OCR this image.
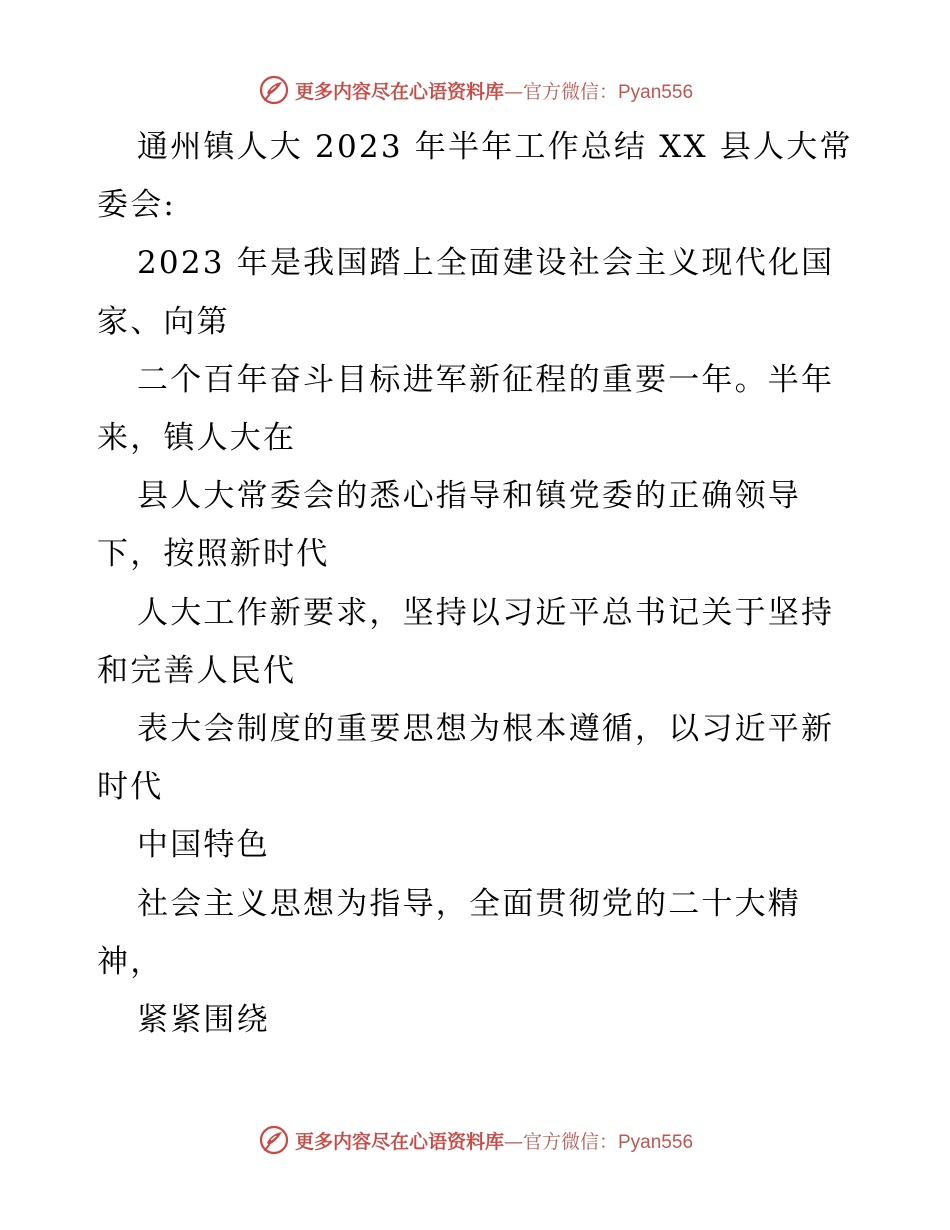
更多内容尽在心语资料库—官方微信：Pyan556
通州镇人大 2023 年半年工作总结 XX 县人大常
委会:
2023 年是我国踏上全面建设社会主义现代化国
家、向第
二个百年奋斗目标进军新征程的重要一年。半年
来，镇人大在
县人大常委会的悉心指导和镇党委的正确领导
下，按照新时代
人大工作新要求，坚持以习近平总书记关于坚持
和完善人民代
表大会制度的重要思想为根本遵循，以习近平新
时代
中国特色
社会主义思想为指导，全面贯彻党的二十大精
神，
紧紧围绕
更多内容尽在心语资料库—官方微信：Pyan556
